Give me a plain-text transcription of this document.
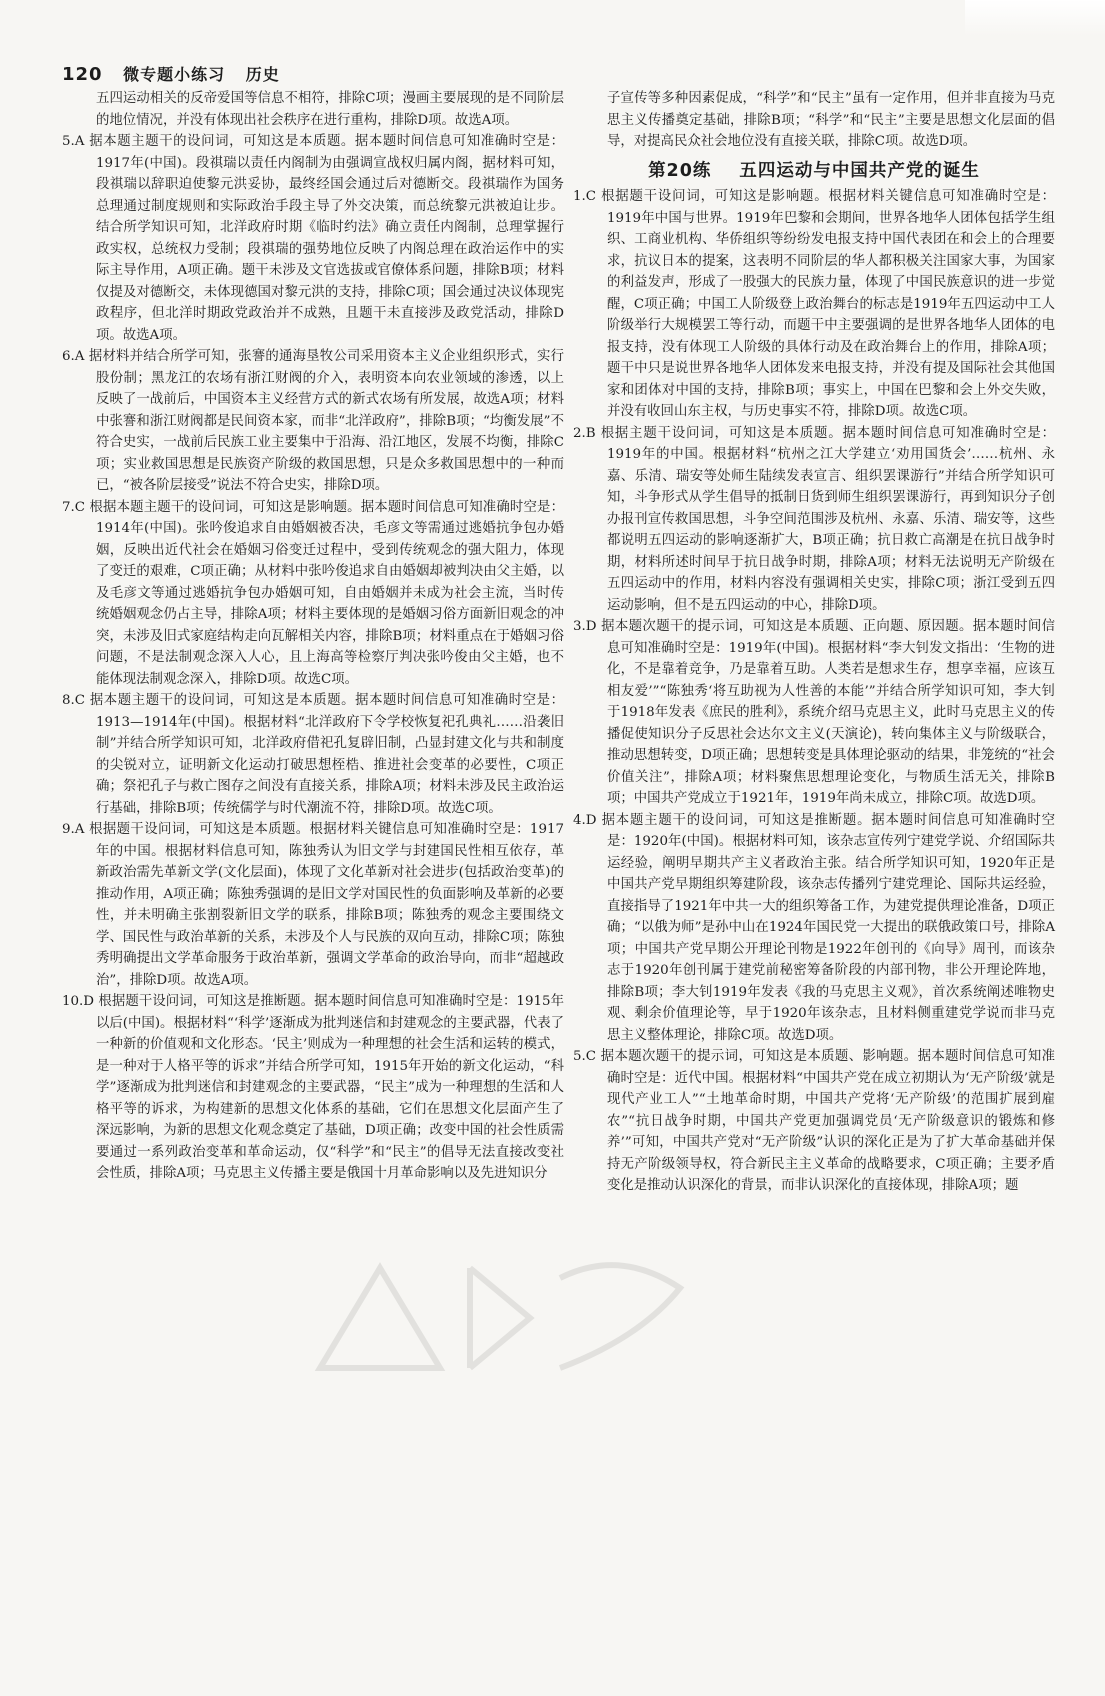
120 微专题小练习 历史

五四运动相关的反帝爱国等信息不相符，排除C项；漫画主要展现的是不同阶层的地位情况，并没有体现出社会秩序在进行重构，排除D项。故选A项。

5.A 据本题主题干的设问词，可知这是本质题。据本题时间信息可知准确时空是：1917年(中国)。段祺瑞以责任内阁制为由强调宣战权归属内阁，据材料可知，段祺瑞以辞职迫使黎元洪妥协，最终经国会通过后对德断交。段祺瑞作为国务总理通过制度规则和实际政治手段主导了外交决策，而总统黎元洪被迫让步。结合所学知识可知，北洋政府时期《临时约法》确立责任内阁制，总理掌握行政实权，总统权力受制；段祺瑞的强势地位反映了内阁总理在政治运作中的实际主导作用，A项正确。题干未涉及文官选拔或官僚体系问题，排除B项；材料仅提及对德断交，未体现德国对黎元洪的支持，排除C项；国会通过决议体现宪政程序，但北洋时期政党政治并不成熟，且题干未直接涉及政党活动，排除D项。故选A项。

6.A 据材料并结合所学可知，张謇的通海垦牧公司采用资本主义企业组织形式，实行股份制；黑龙江的农场有浙江财阀的介入，表明资本向农业领域的渗透，以上反映了一战前后，中国资本主义经营方式的新式农场有所发展，故选A项；材料中张謇和浙江财阀都是民间资本家，而非“北洋政府”，排除B项；“均衡发展”不符合史实，一战前后民族工业主要集中于沿海、沿江地区，发展不均衡，排除C项；实业救国思想是民族资产阶级的救国思想，只是众多救国思想中的一种而已，“被各阶层接受”说法不符合史实，排除D项。

7.C 根据本题主题干的设问词，可知这是影响题。据本题时间信息可知准确时空是：1914年(中国)。张吟俊追求自由婚姻被否决，毛彦文等需通过逃婚抗争包办婚姻，反映出近代社会在婚姻习俗变迁过程中，受到传统观念的强大阻力，体现了变迁的艰难，C项正确；从材料中张吟俊追求自由婚姻却被判决由父主婚，以及毛彦文等通过逃婚抗争包办婚姻可知，自由婚姻并未成为社会主流，当时传统婚姻观念仍占主导，排除A项；材料主要体现的是婚姻习俗方面新旧观念的冲突，未涉及旧式家庭结构走向瓦解相关内容，排除B项；材料重点在于婚姻习俗问题，不是法制观念深入人心，且上海高等检察厅判决张吟俊由父主婚，也不能体现法制观念深入，排除D项。故选C项。

8.C 据本题主题干的设问词，可知这是本质题。据本题时间信息可知准确时空是：1913—1914年(中国)。根据材料“北洋政府下令学校恢复祀孔典礼……沿袭旧制”并结合所学知识可知，北洋政府借祀孔复辟旧制，凸显封建文化与共和制度的尖锐对立，证明新文化运动打破思想桎梏、推进社会变革的必要性，C项正确；祭祀孔子与救亡图存之间没有直接关系，排除A项；材料未涉及民主政治运行基础，排除B项；传统儒学与时代潮流不符，排除D项。故选C项。

9.A 根据题干设问词，可知这是本质题。根据材料关键信息可知准确时空是：1917年的中国。根据材料信息可知，陈独秀认为旧文学与封建国民性相互依存，革新政治需先革新文学(文化层面)，体现了文化革新对社会进步(包括政治变革)的推动作用，A项正确；陈独秀强调的是旧文学对国民性的负面影响及革新的必要性，并未明确主张割裂新旧文学的联系，排除B项；陈独秀的观念主要围绕文学、国民性与政治革新的关系，未涉及个人与民族的双向互动，排除C项；陈独秀明确提出文学革命服务于政治革新，强调文学革命的政治导向，而非“超越政治”，排除D项。故选A项。

10.D 根据题干设问词，可知这是推断题。据本题时间信息可知准确时空是：1915年以后(中国)。根据材料“‘科学’逐渐成为批判迷信和封建观念的主要武器，代表了一种新的价值观和文化形态。‘民主’则成为一种理想的社会生活和运转的模式，是一种对于人格平等的诉求”并结合所学可知，1915年开始的新文化运动，“科学”逐渐成为批判迷信和封建观念的主要武器，“民主”成为一种理想的生活和人格平等的诉求，为构建新的思想文化体系的基础，它们在思想文化层面产生了深远影响，为新的思想文化观念奠定了基础，D项正确；改变中国的社会性质需要通过一系列政治变革和革命运动，仅“科学”和“民主”的倡导无法直接改变社会性质，排除A项；马克思主义传播主要是俄国十月革命影响以及先进知识分

子宣传等多种因素促成，“科学”和“民主”虽有一定作用，但并非直接为马克思主义传播奠定基础，排除B项；“科学”和“民主”主要是思想文化层面的倡导，对提高民众社会地位没有直接关联，排除C项。故选D项。

第20练 五四运动与中国共产党的诞生

1.C 根据题干设问词，可知这是影响题。根据材料关键信息可知准确时空是：1919年中国与世界。1919年巴黎和会期间，世界各地华人团体包括学生组织、工商业机构、华侨组织等纷纷发电报支持中国代表团在和会上的合理要求，抗议日本的提案，这表明不同阶层的华人都积极关注国家大事，为国家的利益发声，形成了一股强大的民族力量，体现了中国民族意识的进一步觉醒，C项正确；中国工人阶级登上政治舞台的标志是1919年五四运动中工人阶级举行大规模罢工等行动，而题干中主要强调的是世界各地华人团体的电报支持，没有体现工人阶级的具体行动及在政治舞台上的作用，排除A项；题干中只是说世界各地华人团体发来电报支持，并没有提及国际社会其他国家和团体对中国的支持，排除B项；事实上，中国在巴黎和会上外交失败，并没有收回山东主权，与历史事实不符，排除D项。故选C项。

2.B 根据主题干设问词，可知这是本质题。据本题时间信息可知准确时空是：1919年的中国。根据材料“杭州之江大学建立‘劝用国货会’……杭州、永嘉、乐清、瑞安等处师生陆续发表宣言、组织罢课游行”并结合所学知识可知，斗争形式从学生倡导的抵制日货到师生组织罢课游行，再到知识分子创办报刊宣传救国思想，斗争空间范围涉及杭州、永嘉、乐清、瑞安等，这些都说明五四运动的影响逐渐扩大，B项正确；抗日救亡高潮是在抗日战争时期，材料所述时间早于抗日战争时期，排除A项；材料无法说明无产阶级在五四运动中的作用，材料内容没有强调相关史实，排除C项；浙江受到五四运动影响，但不是五四运动的中心，排除D项。

3.D 据本题次题干的提示词，可知这是本质题、正向题、原因题。据本题时间信息可知准确时空是：1919年(中国)。根据材料“李大钊发文指出：‘生物的进化，不是靠着竞争，乃是靠着互助。人类若是想求生存，想享幸福，应该互相友爱’”“陈独秀‘将互助视为人性善的本能’”并结合所学知识可知，李大钊于1918年发表《庶民的胜利》，系统介绍马克思主义，此时马克思主义的传播促使知识分子反思社会达尔文主义(天演论)，转向集体主义与阶级联合，推动思想转变，D项正确；思想转变是具体理论驱动的结果，非笼统的“社会价值关注”，排除A项；材料聚焦思想理论变化，与物质生活无关，排除B项；中国共产党成立于1921年，1919年尚未成立，排除C项。故选D项。

4.D 据本题主题干的设问词，可知这是推断题。据本题时间信息可知准确时空是：1920年(中国)。根据材料可知，该杂志宣传列宁建党学说、介绍国际共运经验，阐明早期共产主义者政治主张。结合所学知识可知，1920年正是中国共产党早期组织筹建阶段，该杂志传播列宁建党理论、国际共运经验，直接指导了1921年中共一大的组织筹备工作，为建党提供理论准备，D项正确；“以俄为师”是孙中山在1924年国民党一大提出的联俄政策口号，排除A项；中国共产党早期公开理论刊物是1922年创刊的《向导》周刊，而该杂志于1920年创刊属于建党前秘密筹备阶段的内部刊物，非公开理论阵地，排除B项；李大钊1919年发表《我的马克思主义观》，首次系统阐述唯物史观、剩余价值理论等，早于1920年该杂志，且材料侧重建党学说而非马克思主义整体理论，排除C项。故选D项。

5.C 据本题次题干的提示词，可知这是本质题、影响题。据本题时间信息可知准确时空是：近代中国。根据材料“中国共产党在成立初期认为‘无产阶级’就是现代产业工人”“土地革命时期，中国共产党将‘无产阶级’的范围扩展到雇农”“抗日战争时期，中国共产党更加强调党员‘无产阶级意识的锻炼和修养’”可知，中国共产党对“无产阶级”认识的深化正是为了扩大革命基础并保持无产阶级领导权，符合新民主主义革命的战略要求，C项正确；主要矛盾变化是推动认识深化的背景，而非认识深化的直接体现，排除A项；题
